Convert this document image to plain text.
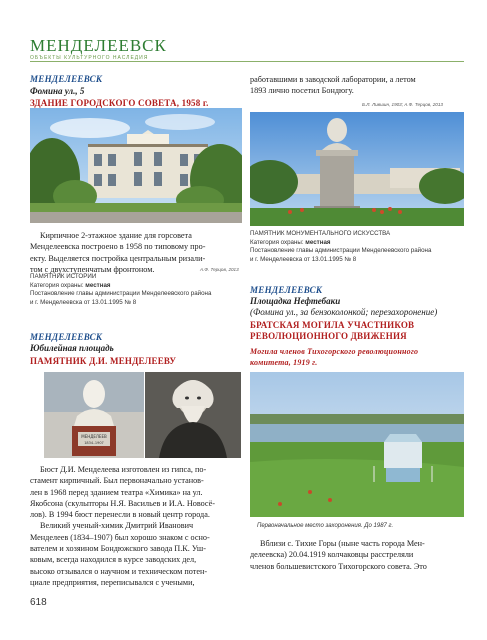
МЕНДЕЛЕЕВСК
ОБЪЕКТЫ КУЛЬТУРНОГО НАСЛЕДИЯ
МЕНДЕЛЕЕВСК
Фомина ул., 5
ЗДАНИЕ ГОРОДСКОГО СОВЕТА, 1958 г.
Кирпичное 2-этажное здание для горсовета
Менделеевска построено в 1958 по типовому про-
екту. Выделяется постройка центральным ризали-
том с двухступенчатым фронтоном.	А.Ф. Терцов, 2013
ПАМЯТНИК ИСТОРИИ
Категория охраны: местная
Постановление главы администрации Менделеевского района
и г. Менделеевска от 13.01.1995 № 8
МЕНДЕЛЕЕВСК
Юбилейная площадь
ПАМЯТНИК Д.И. МЕНДЕЛЕЕВУ
МЕНДЕЛЕЕВ
1834–1907
Бюст Д.И. Менделеева изготовлен из гипса, по-
стамент кирпичный. Был первоначально установ-
лен в 1968 перед зданием театра «Химика» на ул.
Якобсона (скульпторы Н.Я. Васильев и И.А. Новосё-
лов). В 1994 бюст перенесли в новый центр города.
Великий ученый-химик Дмитрий Иванович
Менделеев (1834–1907) был хорошо знаком с осно-
вателем и хозяином Бондюжского завода П.К. Уш-
ковым, всегда находился в курсе заводских дел,
высоко отзывался о научном и техническом потен-
циале предприятия, переписывался с учеными,
работавшими в заводской лаборатории, а летом
1893 лично посетил Бондюгу.
Б.Л. Лившин, 1903; А.Ф. Терцов, 2013
ПАМЯТНИК МОНУМЕНТАЛЬНОГО ИСКУССТВА
Категория охраны: местная
Постановление главы администрации Менделеевского района
и г. Менделеевска от 13.01.1995 № 8
МЕНДЕЛЕЕВСК
Площадка Нефтебаки
(Фомина ул., за бензоколонкой; перезахоронение)
БРАТСКАЯ МОГИЛА УЧАСТНИКОВ
РЕВОЛЮЦИОННОГО ДВИЖЕНИЯ
Могила членов Тихогорского революционного
комитета, 1919 г.
Первоначальное место захоронения. До 1987 г.
Вблизи с. Тихие Горы (ныне часть города Мен-
делеевска) 20.04.1919 колчаковцы расстреляли
членов большевистского Тихогорского совета. Это
618
